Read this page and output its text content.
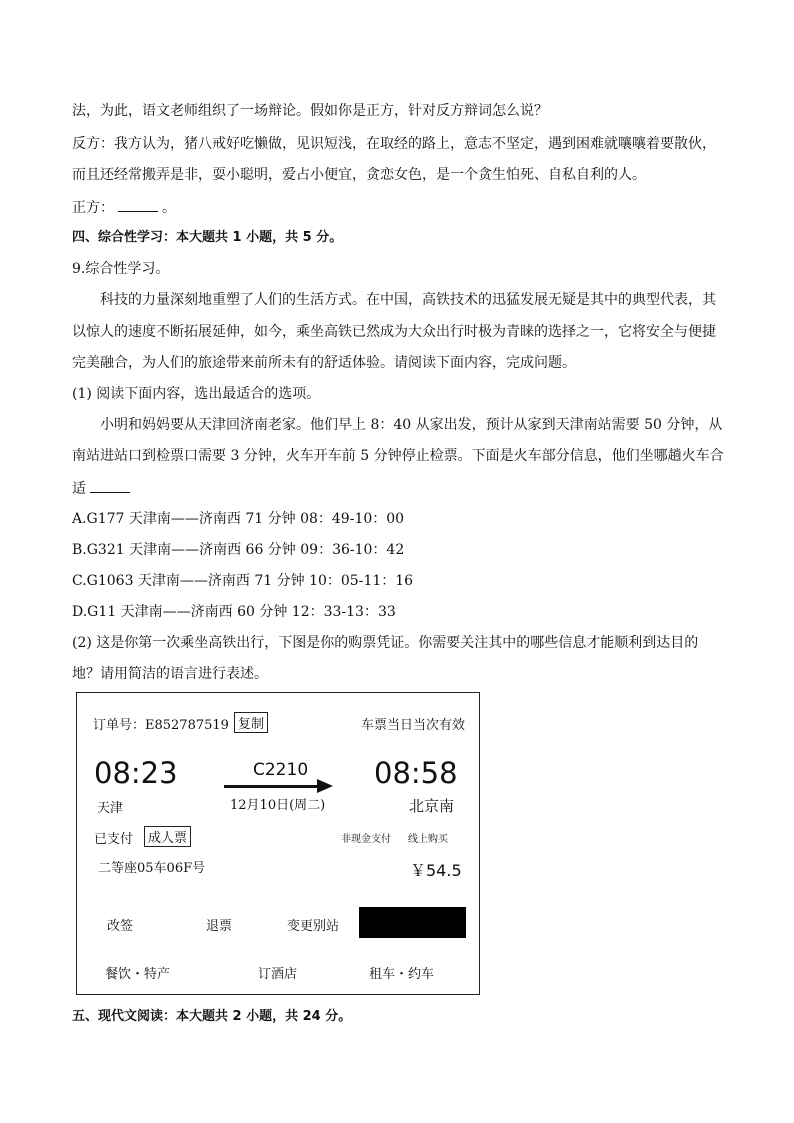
法，为此，语文老师组织了一场辩论。假如你是正方，针对反方辩词怎么说？
反方：我方认为，猪八戒好吃懒做，见识短浅，在取经的路上，意志不坚定，遇到困难就嚷嚷着要散伙，
而且还经常搬弄是非，耍小聪明，爱占小便宜，贪恋女色，是一个贪生怕死、自私自利的人。
正方：	。
四、综合性学习：本大题共 1 小题，共 5 分。
9.综合性学习。
科技的力量深刻地重塑了人们的生活方式。在中国，高铁技术的迅猛发展无疑是其中的典型代表，其
以惊人的速度不断拓展延伸，如今，乘坐高铁已然成为大众出行时极为青睐的选择之一，它将安全与便捷
完美融合，为人们的旅途带来前所未有的舒适体验。请阅读下面内容，完成问题。
(1) 阅读下面内容，选出最适合的选项。
小明和妈妈要从天津回济南老家。他们早上 8：40 从家出发，预计从家到天津南站需要 50 分钟，从
南站进站口到检票口需要 3 分钟，火车开车前 5 分钟停止检票。下面是火车部分信息，他们坐哪趟火车合
适
A.G177 天津南——济南西 71 分钟 08：49-10：00
B.G321 天津南——济南西 66 分钟 09：36-10：42
C.G1063 天津南——济南西 71 分钟 10：05-11：16
D.G11 天津南——济南西 60 分钟 12：33-13：33
(2) 这是你第一次乘坐高铁出行，下图是你的购票凭证。你需要关注其中的哪些信息才能顺利到达目的
地？请用简洁的语言进行表述。
订单号：E852787519 复制	车票当日当次有效
08:23	C2210 08:58
天津	12月10日(周二)	北京南
已支付	成人票	非现金支付 线上购买
二等座05车06F号	￥54.5
改签	退票	变更别站
餐饮・特产	订酒店	租车・约车
五、现代文阅读：本大题共 2 小题，共 24 分。
